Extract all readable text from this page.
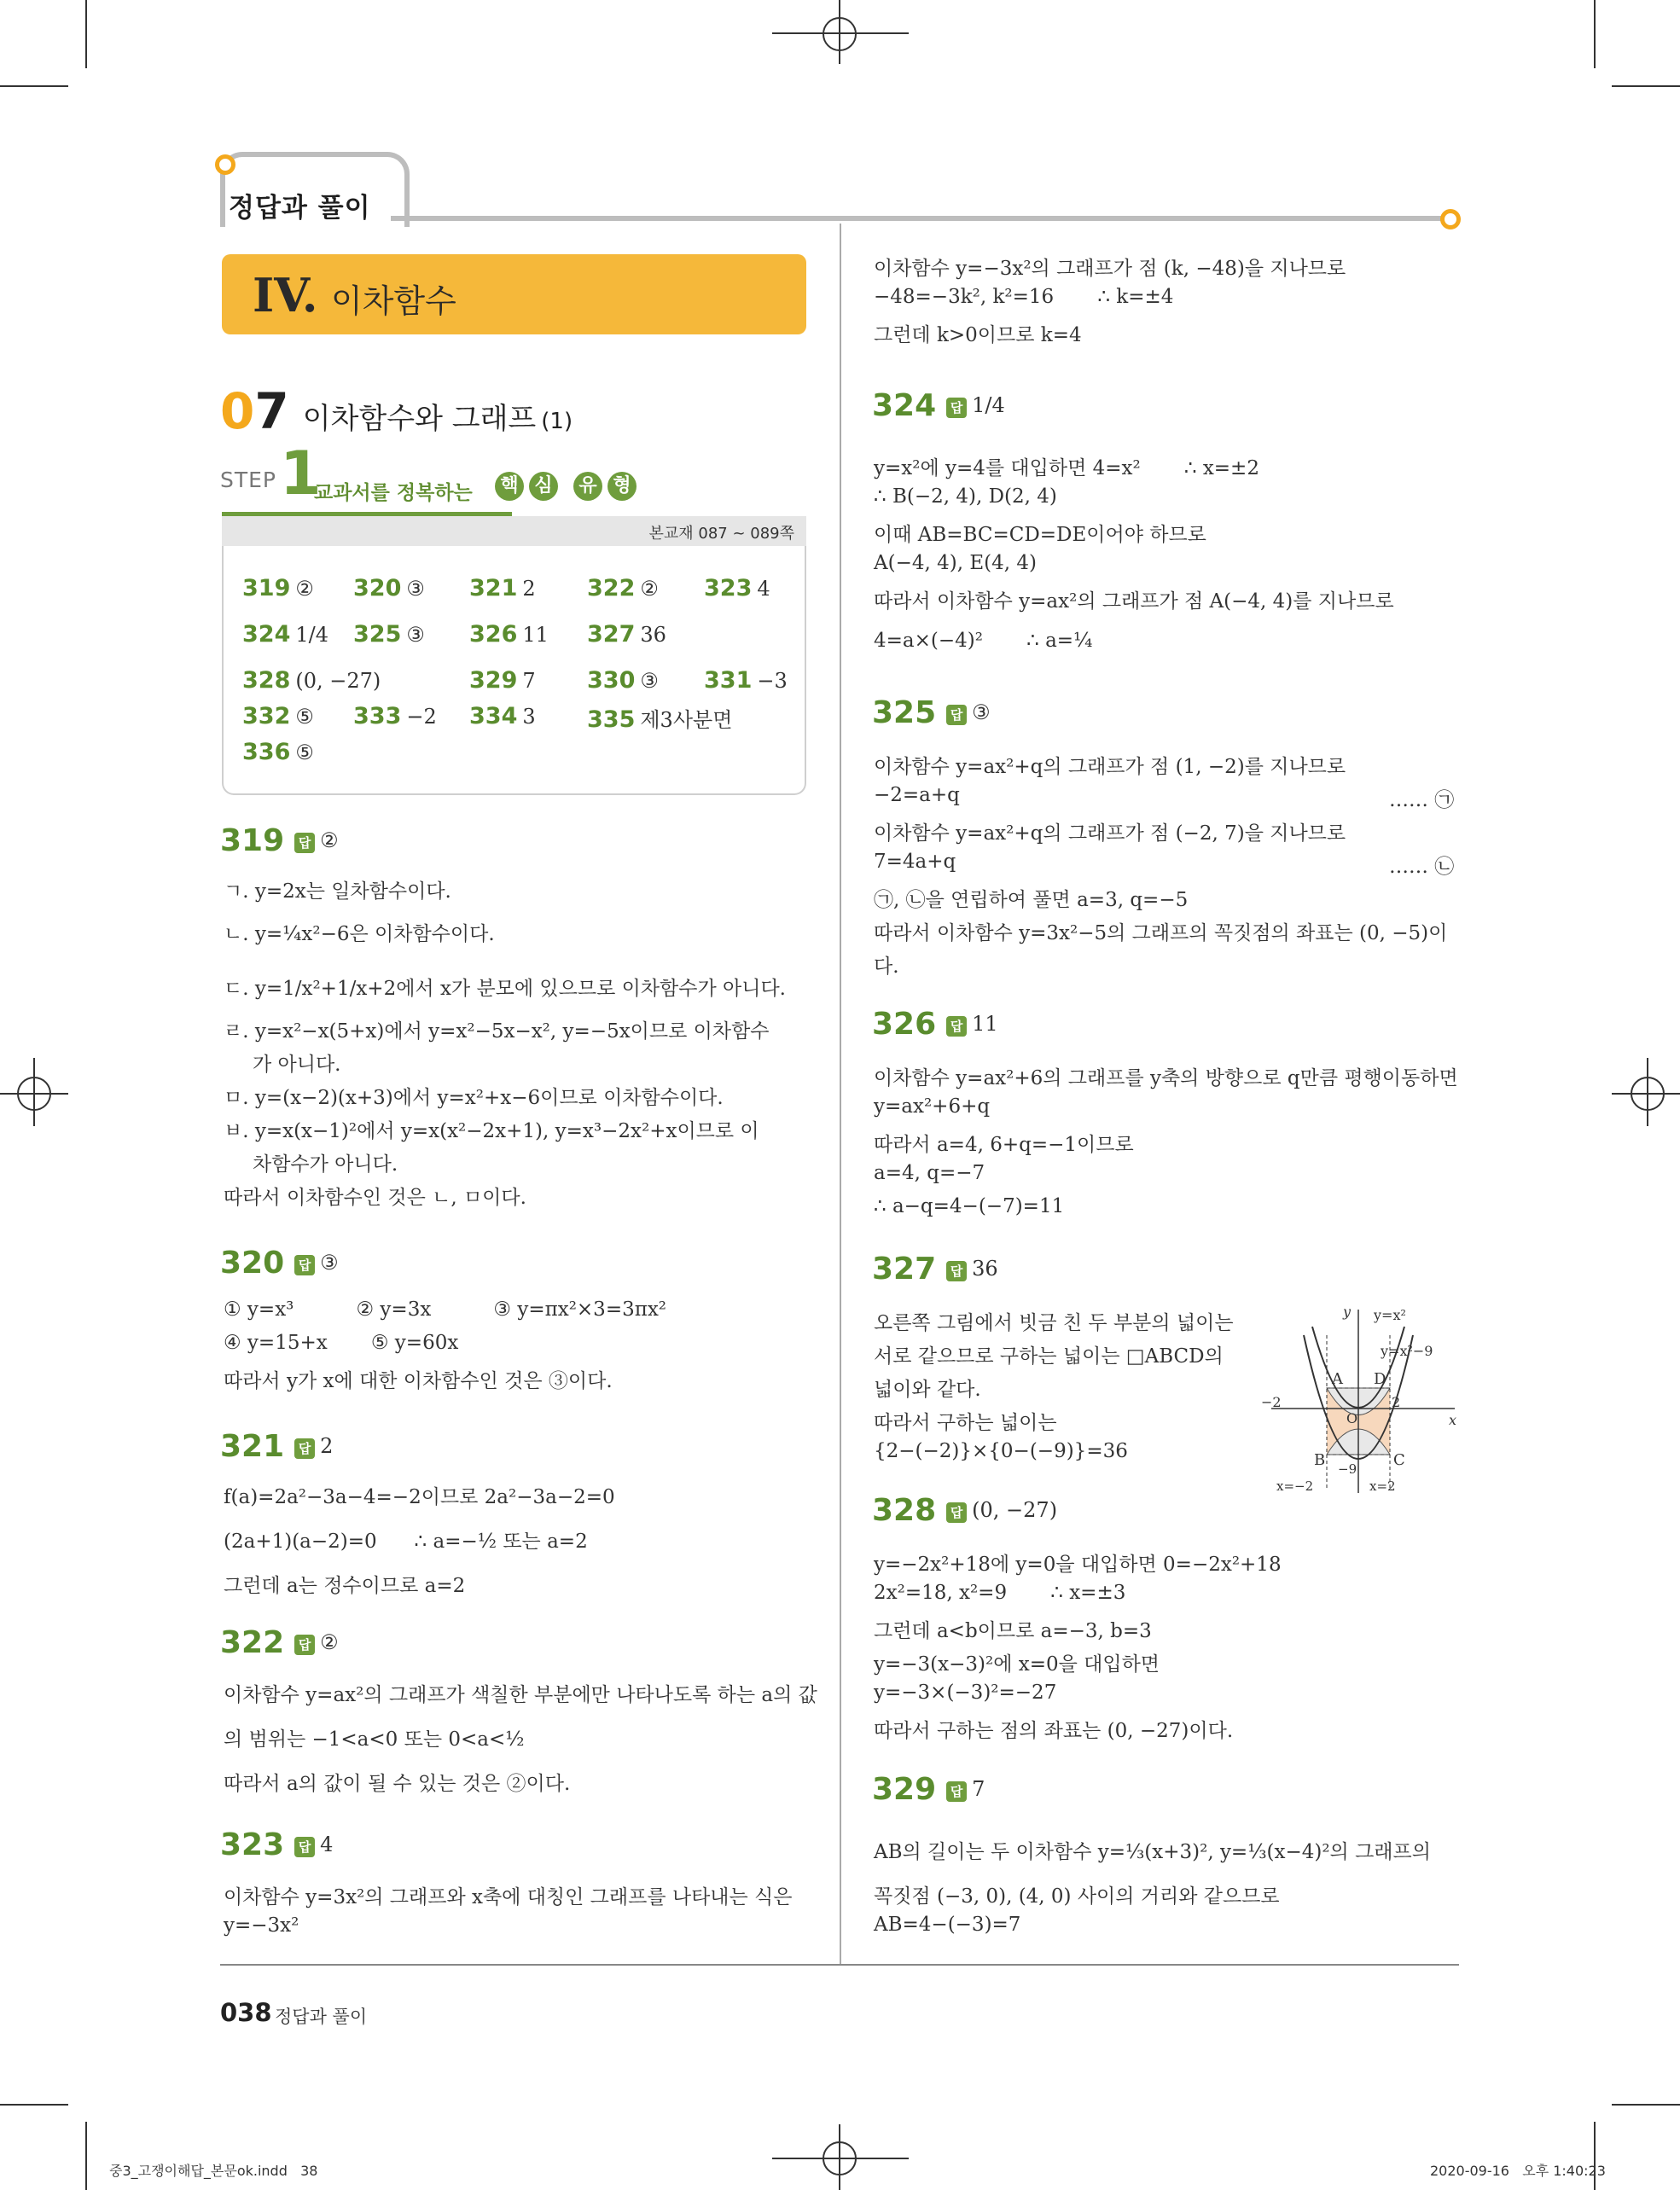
정답과 풀이
IV. 이차함수
07 이차함수와 그래프 (1)
STEP 1
교과서를 정복하는 핵 심 유 형
본교재 087 ~ 089쪽
319 ② 320 ③ 321 2 322 ② 323 4
324 1/4 325 ③ 326 11 327 36
328 (0, −27)	329 7 330 ③ 331 −3
332 ⑤ 333 −2 334 3 335 제3사분면
336 ⑤
319 답 ②
ㄱ. y=2x는 일차함수이다.
ㄴ. y=¼x²−6은 이차함수이다.
ㄷ. y=1/x²+1/x+2에서 x가 분모에 있으므로 이차함수가 아니다.
ㄹ. y=x²−x(5+x)에서 y=x²−5x−x², y=−5x이므로 이차함수
가 아니다.
ㅁ. y=(x−2)(x+3)에서 y=x²+x−6이므로 이차함수이다.
ㅂ. y=x(x−1)²에서 y=x(x²−2x+1), y=x³−2x²+x이므로 이
차함수가 아니다.
따라서 이차함수인 것은 ㄴ, ㅁ이다.
320 답 ③
① y=x³          ② y=3x          ③ y=πx²×3=3πx²
④ y=15+x       ⑤ y=60x
따라서 y가 x에 대한 이차함수인 것은 ③이다.
321 답 2
f(a)=2a²−3a−4=−2이므로 2a²−3a−2=0
(2a+1)(a−2)=0      ∴ a=−½ 또는 a=2
그런데 a는 정수이므로 a=2
322 답 ②
이차함수 y=ax²의 그래프가 색칠한 부분에만 나타나도록 하는 a의 값
의 범위는 −1<a<0 또는 0<a<½
따라서 a의 값이 될 수 있는 것은 ②이다.
323 답 4
이차함수 y=3x²의 그래프와 x축에 대칭인 그래프를 나타내는 식은
y=−3x²
이차함수 y=−3x²의 그래프가 점 (k, −48)을 지나므로
−48=−3k², k²=16       ∴ k=±4
그런데 k>0이므로 k=4
324 답 1/4
y=x²에 y=4를 대입하면 4=x²       ∴ x=±2
∴ B(−2, 4), D(2, 4)
이때 AB=BC=CD=DE이어야 하므로
A(−4, 4), E(4, 4)
따라서 이차함수 y=ax²의 그래프가 점 A(−4, 4)를 지나므로
4=a×(−4)²       ∴ a=¼
325 답 ③
이차함수 y=ax²+q의 그래프가 점 (1, −2)를 지나므로
−2=a+q	…… ㉠
이차함수 y=ax²+q의 그래프가 점 (−2, 7)을 지나므로
7=4a+q	…… ㉡
㉠, ㉡을 연립하여 풀면 a=3, q=−5
따라서 이차함수 y=3x²−5의 그래프의 꼭짓점의 좌표는 (0, −5)이
다.
326 답 11
이차함수 y=ax²+6의 그래프를 y축의 방향으로 q만큼 평행이동하면
y=ax²+6+q
따라서 a=4, 6+q=−1이므로
a=4, q=−7
∴ a−q=4−(−7)=11
327 답 36
오른쪽 그림에서 빗금 친 두 부분의 넓이는
서로 같으므로 구하는 넓이는 □ABCD의
넓이와 같다.
따라서 구하는 넓이는
{2−(−2)}×{0−(−9)}=36
y
x
y=x²
y=x²−9
A D
B	C
O
−2	2
−9
x=−2	x=2
328 답 (0, −27)
y=−2x²+18에 y=0을 대입하면 0=−2x²+18
2x²=18, x²=9       ∴ x=±3
그런데 a<b이므로 a=−3, b=3
y=−3(x−3)²에 x=0을 대입하면
y=−3×(−3)²=−27
따라서 구하는 점의 좌표는 (0, −27)이다.
329 답 7
AB의 길이는 두 이차함수 y=⅓(x+3)², y=⅓(x−4)²의 그래프의
꼭짓점 (−3, 0), (4, 0) 사이의 거리와 같으므로
AB=4−(−3)=7
038 정답과 풀이
중3_고쟁이해답_본문ok.indd   38	2020-09-16   오후 1:40:23
